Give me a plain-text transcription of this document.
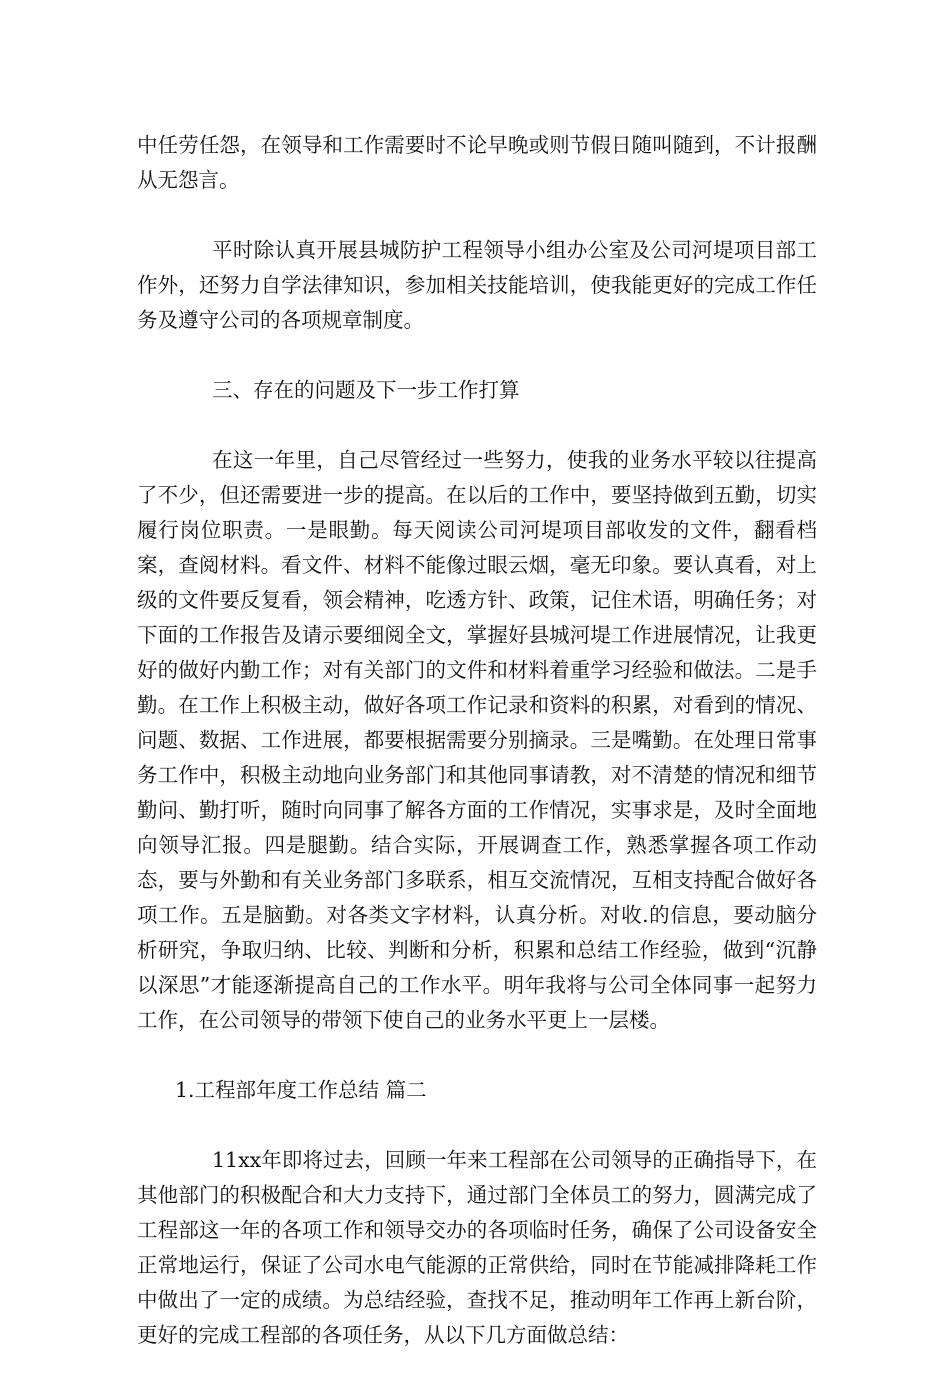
中任劳任怨，在领导和工作需要时不论早晚或则节假日随叫随到，不计报酬从无怨言。

平时除认真开展县城防护工程领导小组办公室及公司河堤项目部工作外，还努力自学法律知识，参加相关技能培训，使我能更好的完成工作任务及遵守公司的各项规章制度。

三、存在的问题及下一步工作打算

在这一年里，自己尽管经过一些努力，使我的业务水平较以往提高了不少，但还需要进一步的提高。在以后的工作中，要坚持做到五勤，切实履行岗位职责。一是眼勤。每天阅读公司河堤项目部收发的文件，翻看档案，查阅材料。看文件、材料不能像过眼云烟，毫无印象。要认真看，对上级的文件要反复看，领会精神，吃透方针、政策，记住术语，明确任务；对下面的工作报告及请示要细阅全文，掌握好县城河堤工作进展情况，让我更好的做好内勤工作；对有关部门的文件和材料着重学习经验和做法。二是手勤。在工作上积极主动，做好各项工作记录和资料的积累，对看到的情况、问题、数据、工作进展，都要根据需要分别摘录。三是嘴勤。在处理日常事务工作中，积极主动地向业务部门和其他同事请教，对不清楚的情况和细节勤问、勤打听，随时向同事了解各方面的工作情况，实事求是，及时全面地向领导汇报。四是腿勤。结合实际，开展调查工作，熟悉掌握各项工作动态，要与外勤和有关业务部门多联系，相互交流情况，互相支持配合做好各项工作。五是脑勤。对各类文字材料，认真分析。对收.的信息，要动脑分析研究，争取归纳、比较、判断和分析，积累和总结工作经验，做到“沉静以深思”才能逐渐提高自己的工作水平。明年我将与公司全体同事一起努力工作，在公司领导的带领下使自己的业务水平更上一层楼。

1.工程部年度工作总结 篇二

11xx年即将过去，回顾一年来工程部在公司领导的正确指导下，在其他部门的积极配合和大力支持下，通过部门全体员工的努力，圆满完成了工程部这一年的各项工作和领导交办的各项临时任务，确保了公司设备安全正常地运行，保证了公司水电气能源的正常供给，同时在节能减排降耗工作中做出了一定的成绩。为总结经验，查找不足，推动明年工作再上新台阶，更好的完成工程部的各项任务，从以下几方面做总结：
